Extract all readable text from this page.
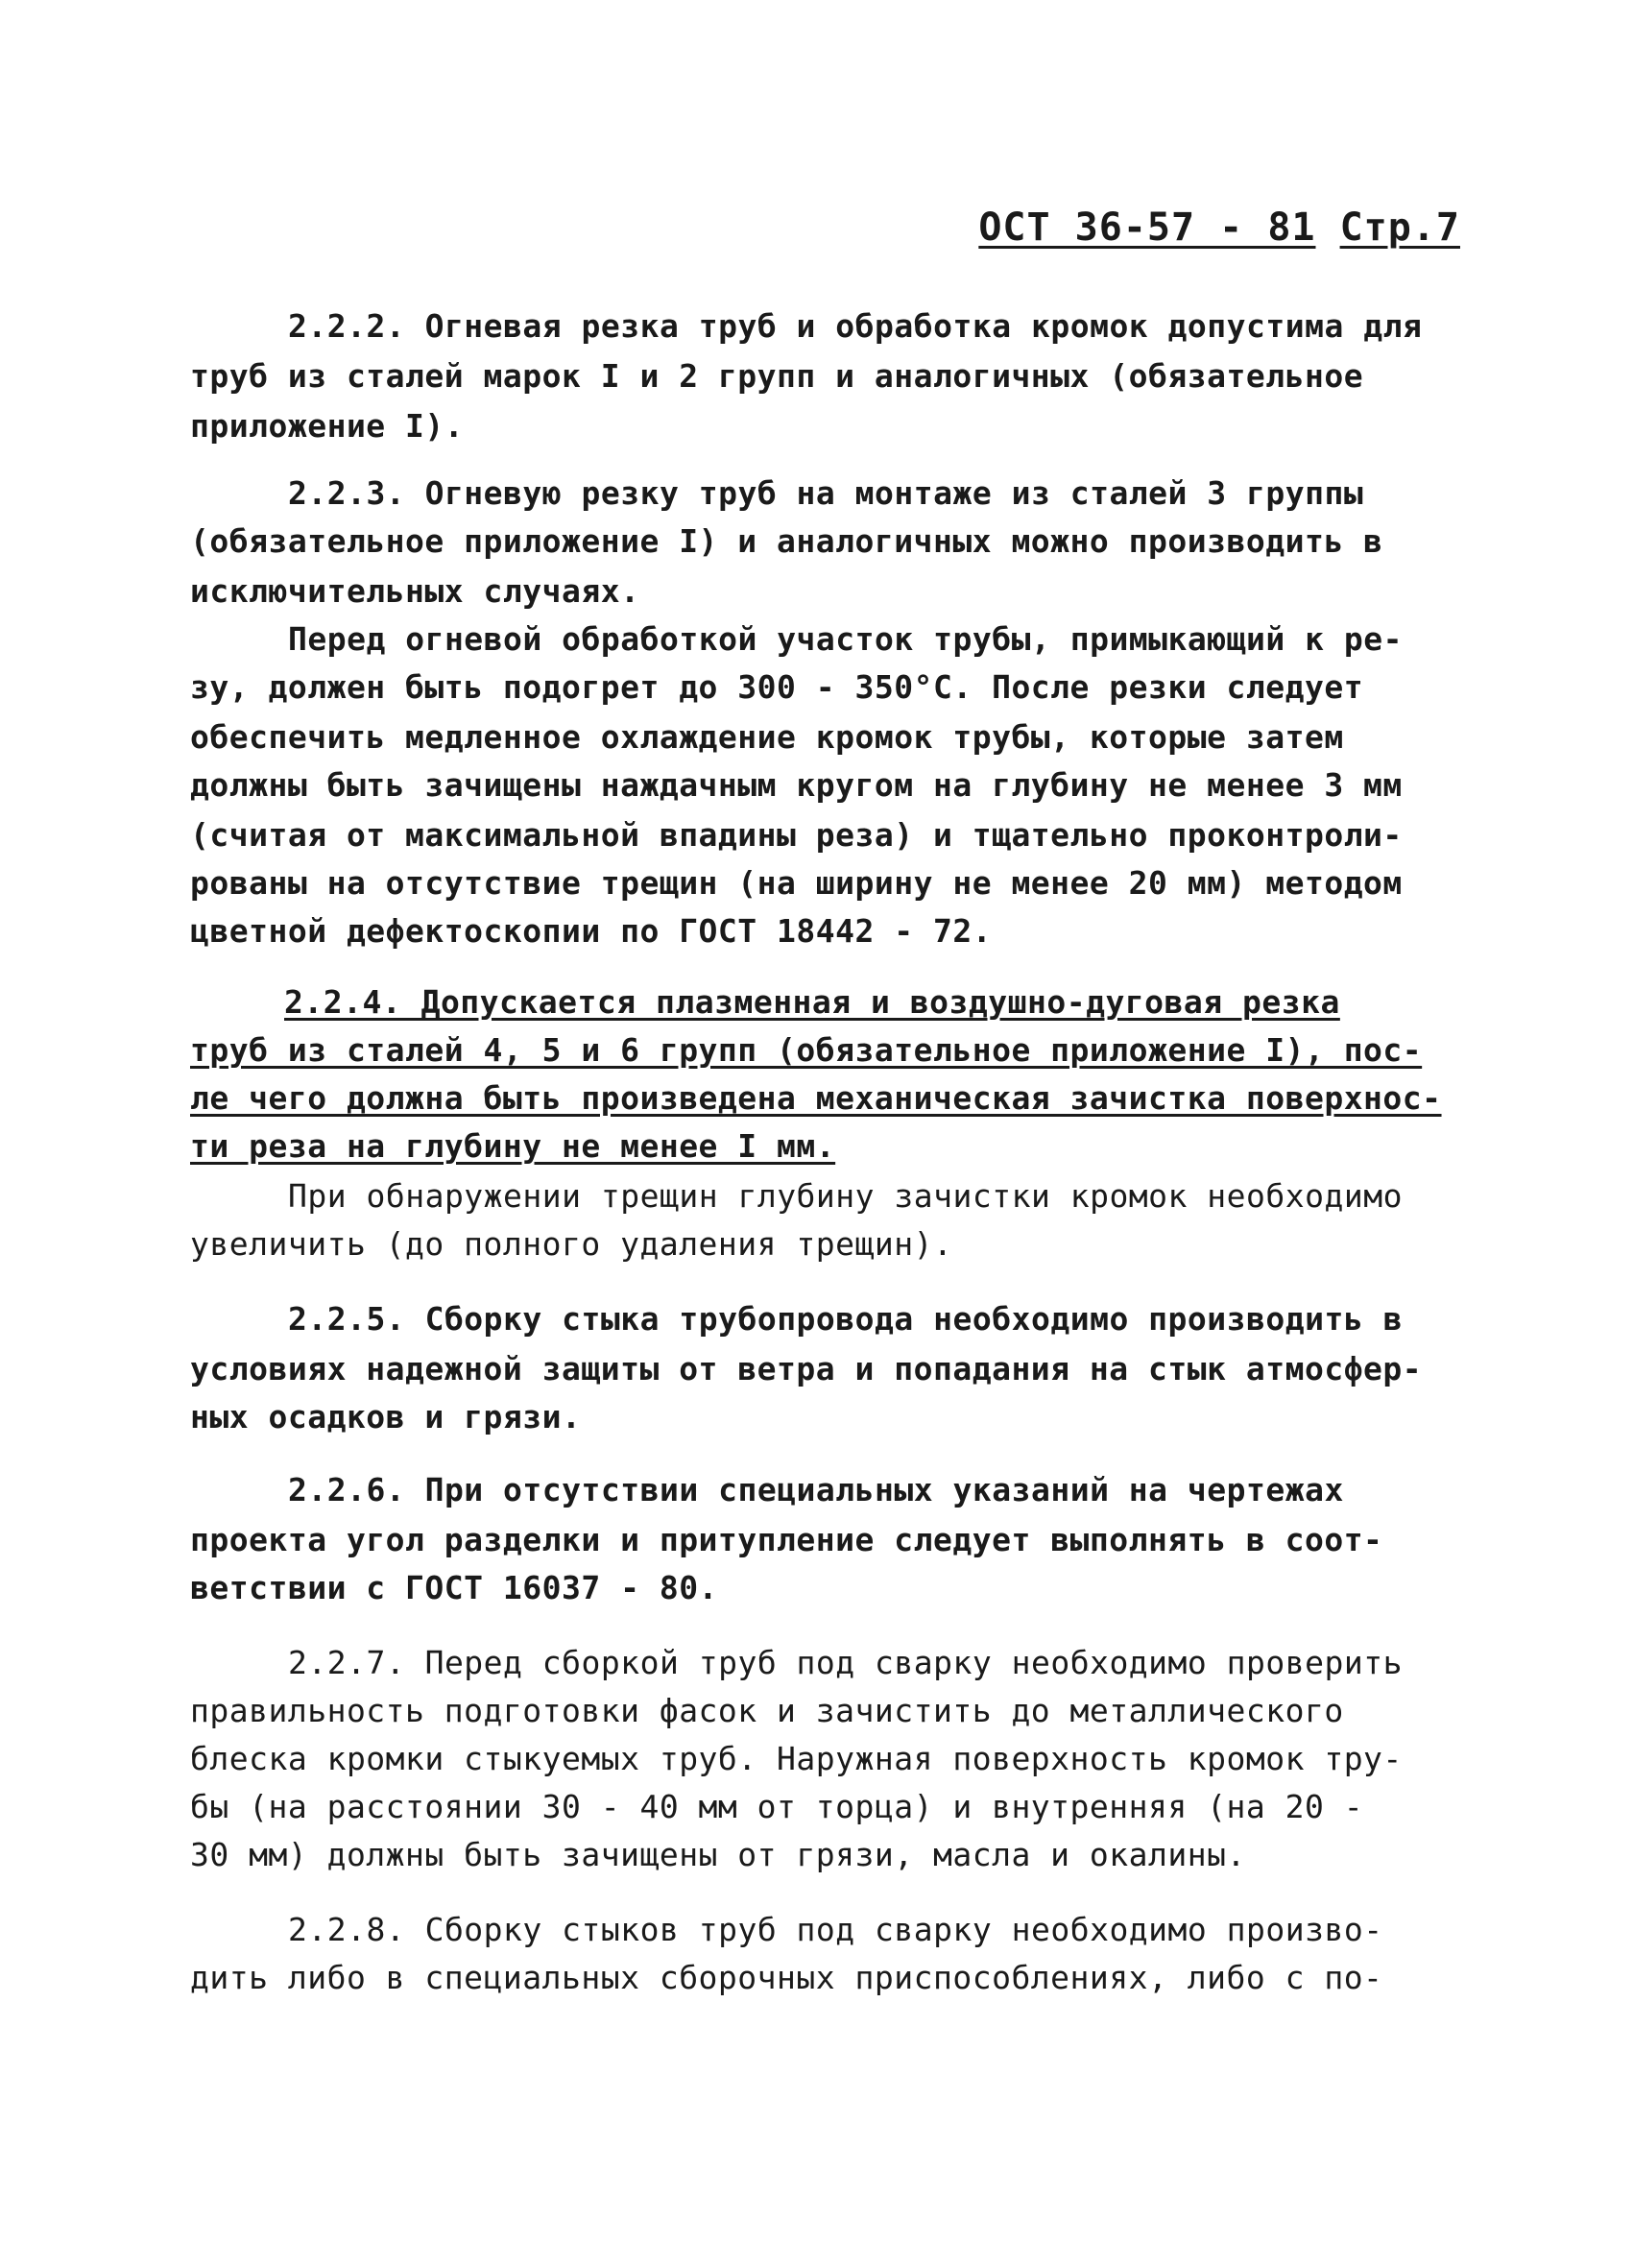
ОСТ 36-57 - 81 Стр.7
2.2.2. Огневая резка труб и обработка кромок допустима для
труб из сталей марок I и 2 групп и аналогичных (обязательное
приложение I).
2.2.3. Огневую резку труб на монтаже из сталей 3 группы
(обязательное приложение I) и аналогичных можно производить в
исключительных случаях.
Перед огневой обработкой участок трубы, примыкающий к ре-
зу, должен быть подогрет до 300 - 350°С. После резки следует
обеспечить медленное охлаждение кромок трубы, которые затем
должны быть зачищены наждачным кругом на глубину не менее 3 мм
(считая от максимальной впадины реза) и тщательно проконтроли-
рованы на отсутствие трещин (на ширину не менее 20 мм) методом
цветной дефектоскопии по ГОСТ 18442 - 72.
2.2.4. Допускается плазменная и воздушно-дуговая резка
труб из сталей 4, 5 и 6 групп (обязательное приложение I), пос-
ле чего должна быть произведена механическая зачистка поверхнос-
ти реза на глубину не менее I мм.
При обнаружении трещин глубину зачистки кромок необходимо
увеличить (до полного удаления трещин).
2.2.5. Сборку стыка трубопровода необходимо производить в
условиях надежной защиты от ветра и попадания на стык атмосфер-
ных осадков и грязи.
2.2.6. При отсутствии специальных указаний на чертежах
проекта угол разделки и притупление следует выполнять в соот-
ветствии с ГОСТ 16037 - 80.
2.2.7. Перед сборкой труб под сварку необходимо проверить
правильность подготовки фасок и зачистить до металлического
блеска кромки стыкуемых труб. Наружная поверхность кромок тру-
бы (на расстоянии 30 - 40 мм от торца) и внутренняя (на 20 -
30 мм) должны быть зачищены от грязи, масла и окалины.
2.2.8. Сборку стыков труб под сварку необходимо произво-
дить либо в специальных сборочных приспособлениях, либо с по-
